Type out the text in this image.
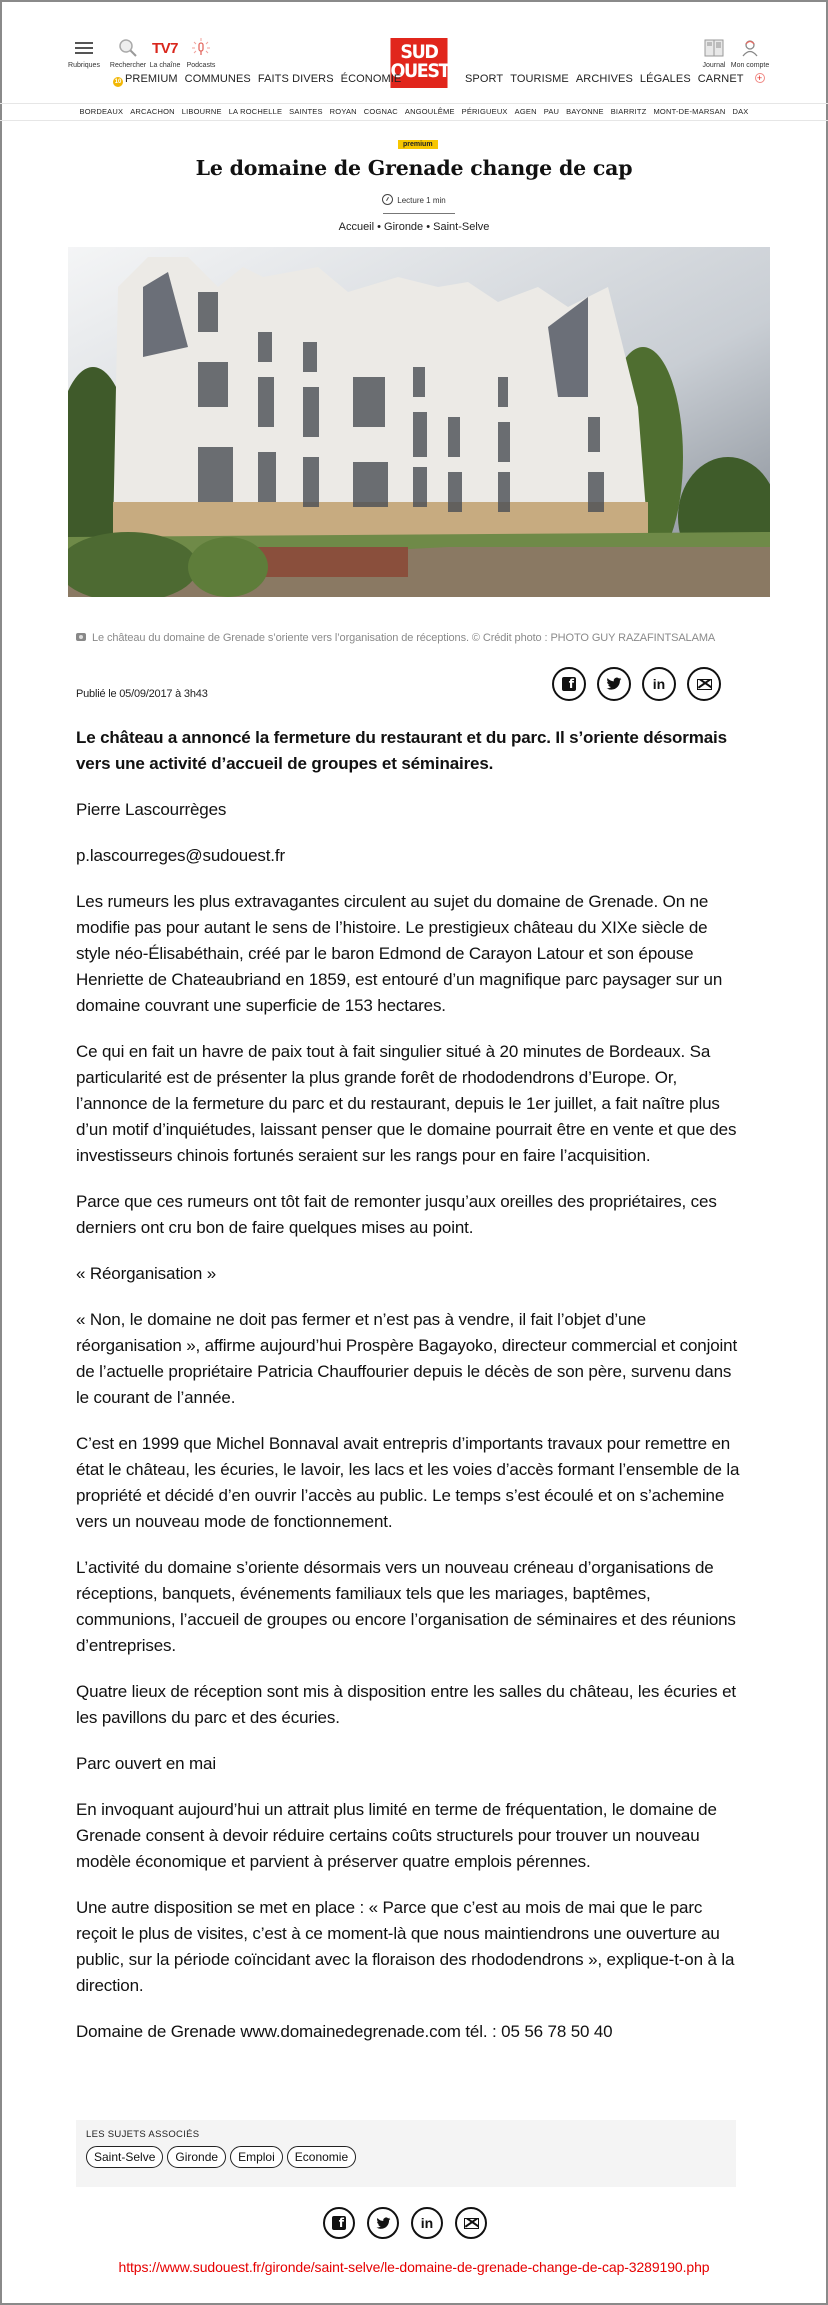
Rubriques Rechercher
TV7
La chaîne Podcasts
SUD
OUEST	Journal Mon compte
10 PREMIUM COMMUNES FAITS DIVERS ÉCONOMIE	SPORT TOURISME ARCHIVES LÉGALES CARNET +
BORDEAUX ARCACHON LIBOURNE LA ROCHELLE SAINTES ROYAN COGNAC ANGOULÊME PÉRIGUEUX AGEN PAU BAYONNE BIARRITZ MONT-DE-MARSAN DAX
premium
Le domaine de Grenade change de cap
Lecture 1 min
Accueil • Gironde • Saint-Selve
Le château du domaine de Grenade s’oriente vers l’organisation de réceptions. © Crédit photo : PHOTO GUY RAZAFINTSALAMA
Publié le 05/09/2017 à 3h43
f	in

Le château a annoncé la fermeture du restaurant et du parc. Il s’oriente désormais vers une activité d’accueil de groupes et séminaires.

Pierre Lascourrèges

p.lascourreges@sudouest.fr

Les rumeurs les plus extravagantes circulent au sujet du domaine de Grenade. On ne modifie pas pour autant le sens de l’histoire. Le prestigieux château du XIXe siècle de style néo-Élisabéthain, créé par le baron Edmond de Carayon Latour et son épouse Henriette de Chateaubriand en 1859, est entouré d’un magnifique parc paysager sur un domaine couvrant une superficie de 153 hectares.

Ce qui en fait un havre de paix tout à fait singulier situé à 20 minutes de Bordeaux. Sa particularité est de présenter la plus grande forêt de rhododendrons d’Europe. Or, l’annonce de la fermeture du parc et du restaurant, depuis le 1er juillet, a fait naître plus d’un motif d’inquiétudes, laissant penser que le domaine pourrait être en vente et que des investisseurs chinois fortunés seraient sur les rangs pour en faire l’acquisition.

Parce que ces rumeurs ont tôt fait de remonter jusqu’aux oreilles des propriétaires, ces derniers ont cru bon de faire quelques mises au point.

« Réorganisation »

« Non, le domaine ne doit pas fermer et n’est pas à vendre, il fait l’objet d’une réorganisation », affirme aujourd’hui Prospère Bagayoko, directeur commercial et conjoint de l’actuelle propriétaire Patricia Chauffourier depuis le décès de son père, survenu dans le courant de l’année.

C’est en 1999 que Michel Bonnaval avait entrepris d’importants travaux pour remettre en état le château, les écuries, le lavoir, les lacs et les voies d’accès formant l’ensemble de la propriété et décidé d’en ouvrir l’accès au public. Le temps s’est écoulé et on s’achemine vers un nouveau mode de fonctionnement.

L’activité du domaine s’oriente désormais vers un nouveau créneau d’organisations de réceptions, banquets, événements familiaux tels que les mariages, baptêmes, communions, l’accueil de groupes ou encore l’organisation de séminaires et des réunions d’entreprises.

Quatre lieux de réception sont mis à disposition entre les salles du château, les écuries et les pavillons du parc et des écuries.

Parc ouvert en mai

En invoquant aujourd’hui un attrait plus limité en terme de fréquentation, le domaine de Grenade consent à devoir réduire certains coûts structurels pour trouver un nouveau modèle économique et parvient à préserver quatre emplois pérennes.

Une autre disposition se met en place : « Parce que c’est au mois de mai que le parc reçoit le plus de visites, c’est à ce moment-là que nous maintiendrons une ouverture au public, sur la période coïncidant avec la floraison des rhododendrons », explique-t-on à la direction.

Domaine de Grenade www.domainedegrenade.com tél. : 05 56 78 50 40

LES SUJETS ASSOCIÉS
Saint-Selve	Gironde	Emploi	Economie
f	in
https://www.sudouest.fr/gironde/saint-selve/le-domaine-de-grenade-change-de-cap-3289190.php
